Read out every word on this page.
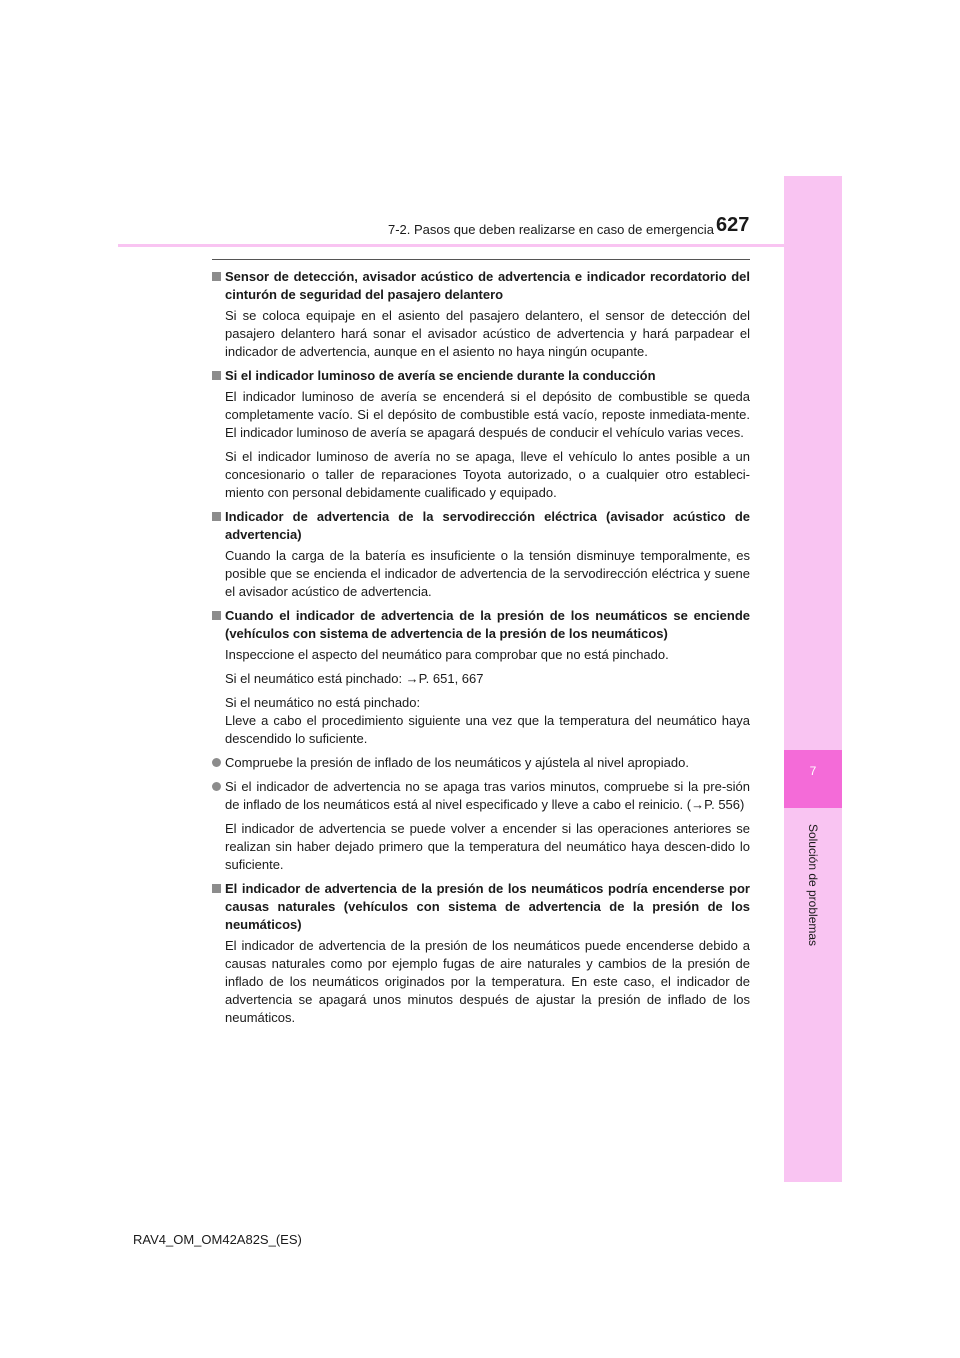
7
Solución de problemas
627
7-2. Pasos que deben realizarse en caso de emergencia
Sensor de detección, avisador acústico de advertencia e indicador recordatorio del cinturón de seguridad del pasajero delantero
Si se coloca equipaje en el asiento del pasajero delantero, el sensor de detección del pasajero delantero hará sonar el avisador acústico de advertencia y hará parpadear el indicador de advertencia, aunque en el asiento no haya ningún ocupante.
Si el indicador luminoso de avería se enciende durante la conducción
El indicador luminoso de avería se encenderá si el depósito de combustible se queda completamente vacío. Si el depósito de combustible está vacío, reposte inmediata-mente. El indicador luminoso de avería se apagará después de conducir el vehículo varias veces.
Si el indicador luminoso de avería no se apaga, lleve el vehículo lo antes posible a un concesionario o taller de reparaciones Toyota autorizado, o a cualquier otro estableci-miento con personal debidamente cualificado y equipado.
Indicador de advertencia de la servodirección eléctrica (avisador acústico de advertencia)
Cuando la carga de la batería es insuficiente o la tensión disminuye temporalmente, es posible que se encienda el indicador de advertencia de la servodirección eléctrica y suene el avisador acústico de advertencia.
Cuando el indicador de advertencia de la presión de los neumáticos se enciende (vehículos con sistema de advertencia de la presión de los neumáticos)
Inspeccione el aspecto del neumático para comprobar que no está pinchado.
Si el neumático está pinchado: →P. 651, 667
Si el neumático no está pinchado:
Lleve a cabo el procedimiento siguiente una vez que la temperatura del neumático haya descendido lo suficiente.
Compruebe la presión de inflado de los neumáticos y ajústela al nivel apropiado.
Si el indicador de advertencia no se apaga tras varios minutos, compruebe si la pre-sión de inflado de los neumáticos está al nivel especificado y lleve a cabo el reinicio. (→P. 556)
El indicador de advertencia se puede volver a encender si las operaciones anteriores se realizan sin haber dejado primero que la temperatura del neumático haya descen-dido lo suficiente.
El indicador de advertencia de la presión de los neumáticos podría encenderse por causas naturales (vehículos con sistema de advertencia de la presión de los neumáticos)
El indicador de advertencia de la presión de los neumáticos puede encenderse debido a causas naturales como por ejemplo fugas de aire naturales y cambios de la presión de inflado de los neumáticos originados por la temperatura. En este caso, el indicador de advertencia se apagará unos minutos después de ajustar la presión de inflado de los neumáticos.
RAV4_OM_OM42A82S_(ES)
